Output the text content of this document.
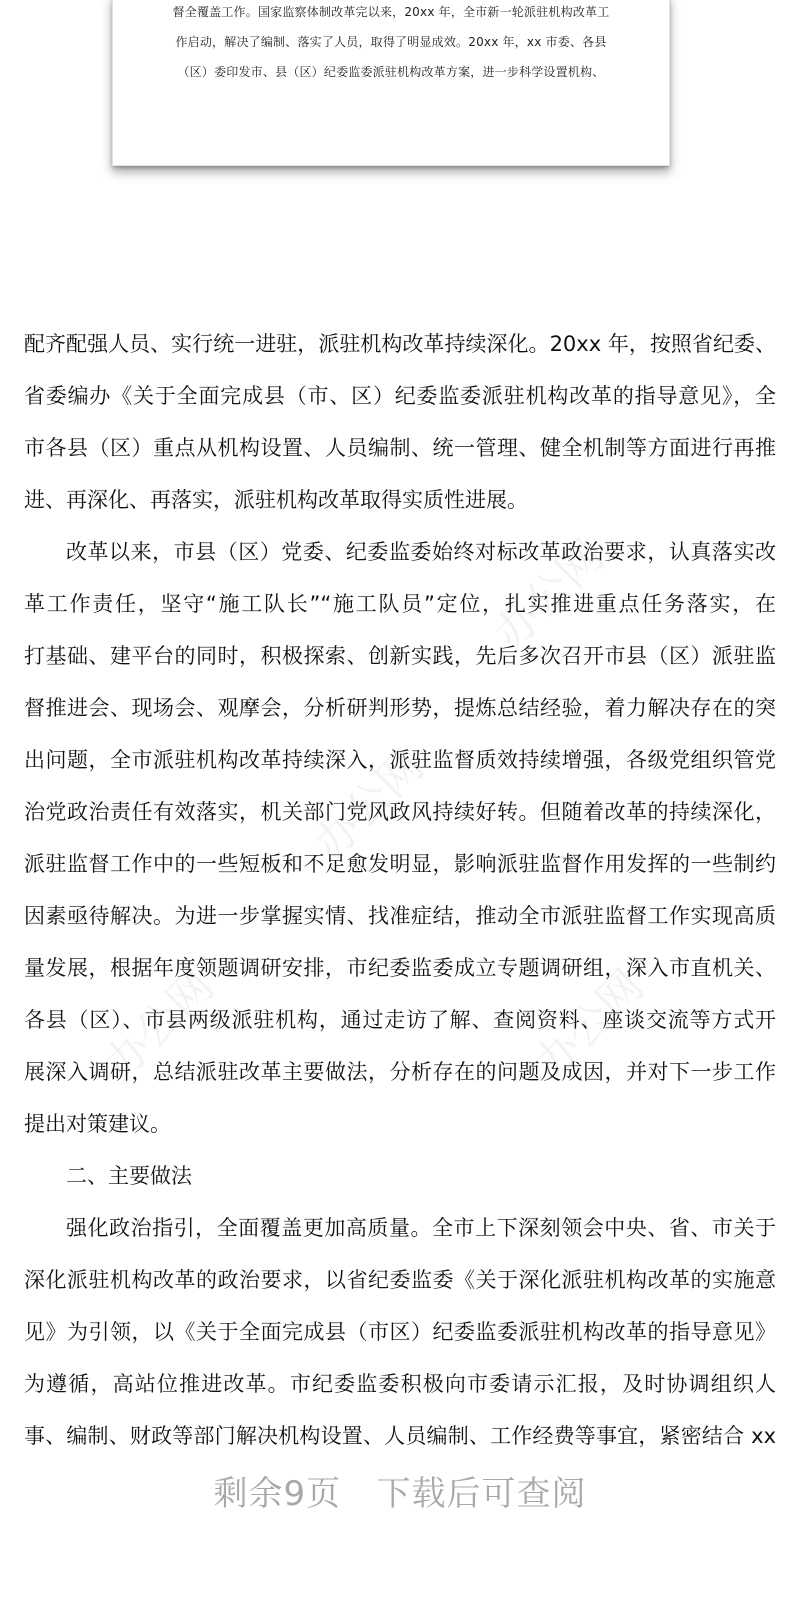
督全覆盖工作。国家监察体制改革完以来，20xx 年，全市新一轮派驻机构改革工
作启动，解决了编制、落实了人员，取得了明显成效。20xx 年，xx 市委、各县
（区）委印发市、县（区）纪委监委派驻机构改革方案，进一步科学设置机构、
办公网
办公网
办公网	办公网
配齐配强人员、实行统一进驻，派驻机构改革持续深化。20xx 年，按照省纪委、
省委编办《关于全面完成县（市、区）纪委监委派驻机构改革的指导意见》，全
市各县（区）重点从机构设置、人员编制、统一管理、健全机制等方面进行再推
进、再深化、再落实，派驻机构改革取得实质性进展。
改革以来，市县（区）党委、纪委监委始终对标改革政治要求，认真落实改
革工作责任，坚守“施工队长”“施工队员”定位，扎实推进重点任务落实，在
打基础、建平台的同时，积极探索、创新实践，先后多次召开市县（区）派驻监
督推进会、现场会、观摩会，分析研判形势，提炼总结经验，着力解决存在的突
出问题，全市派驻机构改革持续深入，派驻监督质效持续增强，各级党组织管党
治党政治责任有效落实，机关部门党风政风持续好转。但随着改革的持续深化，
派驻监督工作中的一些短板和不足愈发明显，影响派驻监督作用发挥的一些制约
因素亟待解决。为进一步掌握实情、找准症结，推动全市派驻监督工作实现高质
量发展，根据年度领题调研安排，市纪委监委成立专题调研组，深入市直机关、
各县（区）、市县两级派驻机构，通过走访了解、查阅资料、座谈交流等方式开
展深入调研，总结派驻改革主要做法，分析存在的问题及成因，并对下一步工作
提出对策建议。
二、主要做法
强化政治指引，全面覆盖更加高质量。全市上下深刻领会中央、省、市关于
深化派驻机构改革的政治要求，以省纪委监委《关于深化派驻机构改革的实施意
见》为引领，以《关于全面完成县（市区）纪委监委派驻机构改革的指导意见》
为遵循，高站位推进改革。市纪委监委积极向市委请示汇报，及时协调组织人
事、编制、财政等部门解决机构设置、人员编制、工作经费等事宜，紧密结合 xx
剩余9页   下载后可查阅
